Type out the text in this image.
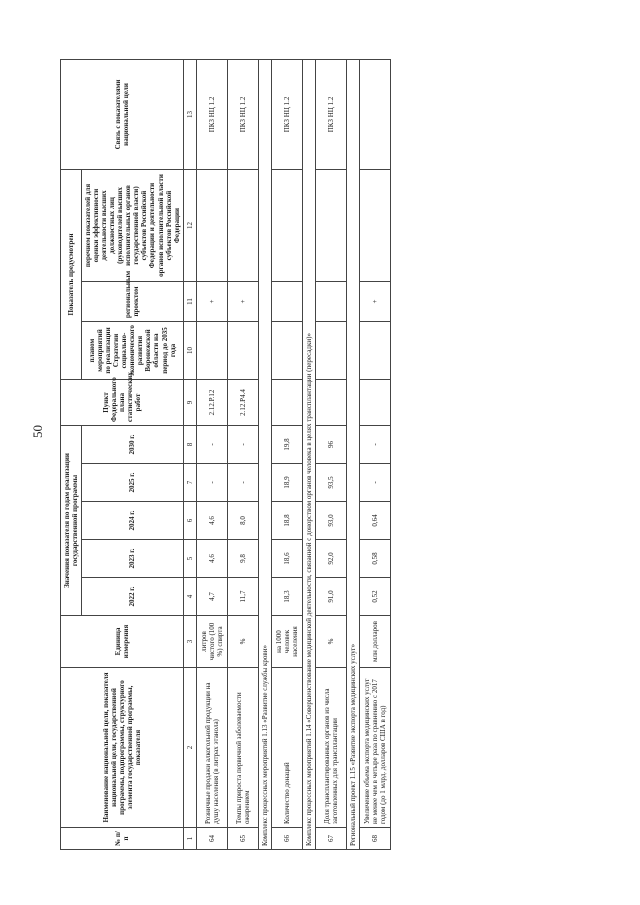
50
№ п/п	Наименование национальной цели, показателя национальной цели, государственной программы, подпрограммы, структурного элемента государственной программы, показателя	Единица измерения	Значения показателя по годам реализации государственной программы					Пункт Федерального плана статистических работ	Показатель предусмотрен			Связь с показателями национальной цели
			2022 г.	2023 г.	2024 г.	2025 г.	2030 г.		планом мероприятий по реализации Стратегии социально-экономического развития Воронежской области на период до 2035 года	региональным проектом	перечнем показателей для оценки эффективности деятельности высших должностных лиц (руководителей высших исполнительных органов государственной власти) субъектов Российской Федерации и деятельности органов исполнительной власти субъектов Российской Федерации	
1	2	3	4	5	6	7	8	9	10	11	12	13
64	Розничные продажи алкогольной продукции на душу населения (в литрах этанола)	литров чистого (100 %) спирта	4,7	4,6	4,6	-	-	2.12.Р.12		+		ПКЗ НЦ 1.2
65	Темпы прироста первичной заболеваемости ожирением	%	11,7	9,8	8,0	-	-	2.12.Р4.4		+		ПКЗ НЦ 1.2
Комплекс процессных мероприятий 1.13 «Развитие службы крови»												
66	Количество донаций	на 1000 человек населения	18,3	18,6	18,8	18,9	19,8					ПКЗ НЦ 1.2
Комплекс процессных мероприятий 1.14 «Совершенствование медицинской деятельности, связанной с донорством органов человека в целях трансплантации (пересадки)»												
67	Доля трансплантированных органов из числа заготовленных для трансплантации	%	91,0	92,0	93,0	93,5	96					ПКЗ НЦ 1.2
Региональный проект 1.15 «Развитие экспорта медицинских услуг»												
68	Увеличение объема экспорта медицинских услуг не менее чем в четыре раза по сравнению с 2017 годом (до 1 млрд. долларов США в год)	млн долларов	0,52	0,58	0,64	-	-			+		
